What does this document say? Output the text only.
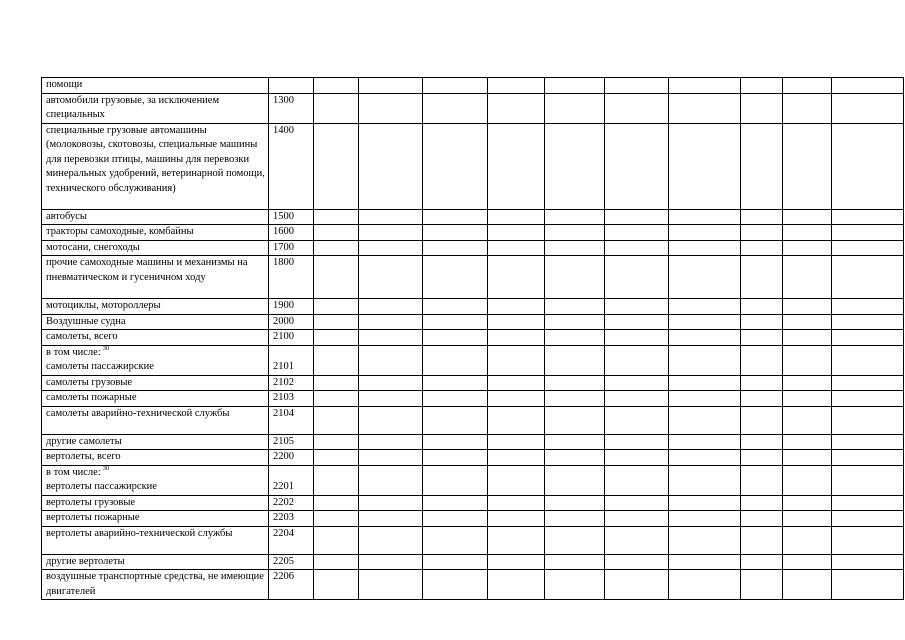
помощи											

автомобили грузовые, за исключением специальных	1300										

специальные грузовые автомашины (молоковозы, скотовозы, специальные машины для перевозки птицы, машины для перевозки минеральных удобрений, ветеринарной помощи, технического обслуживания)	1400										

автобусы	1500										

тракторы самоходные, комбайны	1600										

мотосани, снегоходы	1700										

прочие самоходные машины и механизмы на пневматическом и гусеничном ходу	1800										

мотоциклы, мотороллеры	1900										

Воздушные судна	2000										

самолеты, всего	2100										

в том числе: $^{30}$
самолеты пассажирские	2101										

самолеты грузовые	2102										

самолеты пожарные	2103										

самолеты аварийно-технической службы	2104										

другие самолеты	2105										

вертолеты, всего	2200										

в том числе: $^{30}$
вертолеты пассажирские	2201										

вертолеты грузовые	2202										

вертолеты пожарные	2203										

вертолеты аварийно-технической службы	2204										

другие вертолеты	2205										

воздушные транспортные средства, не имеющие двигателей	2206										
